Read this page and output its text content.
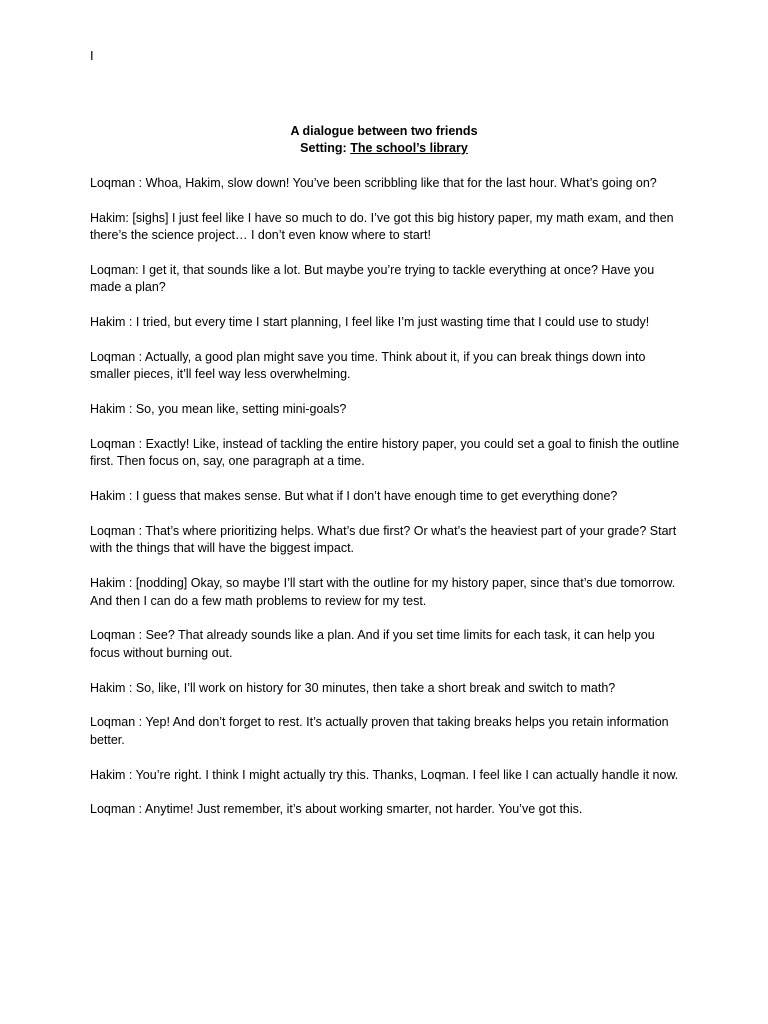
I
A dialogue between two friends
Setting: The school’s library

Loqman : Whoa, Hakim, slow down! You’ve been scribbling like that for the last hour. What’s going on?

Hakim: [sighs] I just feel like I have so much to do. I’ve got this big history paper, my math exam, and then there’s the science project… I don’t even know where to start!

Loqman: I get it, that sounds like a lot. But maybe you’re trying to tackle everything at once? Have you made a plan?

Hakim : I tried, but every time I start planning, I feel like I’m just wasting time that I could use to study!

Loqman : Actually, a good plan might save you time. Think about it, if you can break things down into smaller pieces, it’ll feel way less overwhelming.

Hakim : So, you mean like, setting mini-goals?

Loqman : Exactly! Like, instead of tackling the entire history paper, you could set a goal to finish the outline first. Then focus on, say, one paragraph at a time.

Hakim : I guess that makes sense. But what if I don’t have enough time to get everything done?

Loqman : That’s where prioritizing helps. What’s due first? Or what’s the heaviest part of your grade? Start with the things that will have the biggest impact.

Hakim : [nodding] Okay, so maybe I’ll start with the outline for my history paper, since that’s due tomorrow. And then I can do a few math problems to review for my test.

Loqman : See? That already sounds like a plan. And if you set time limits for each task, it can help you focus without burning out.

Hakim : So, like, I’ll work on history for 30 minutes, then take a short break and switch to math?

Loqman : Yep! And don’t forget to rest. It’s actually proven that taking breaks helps you retain information better.

Hakim : You’re right. I think I might actually try this. Thanks, Loqman. I feel like I can actually handle it now.

Loqman : Anytime! Just remember, it’s about working smarter, not harder. You’ve got this.
